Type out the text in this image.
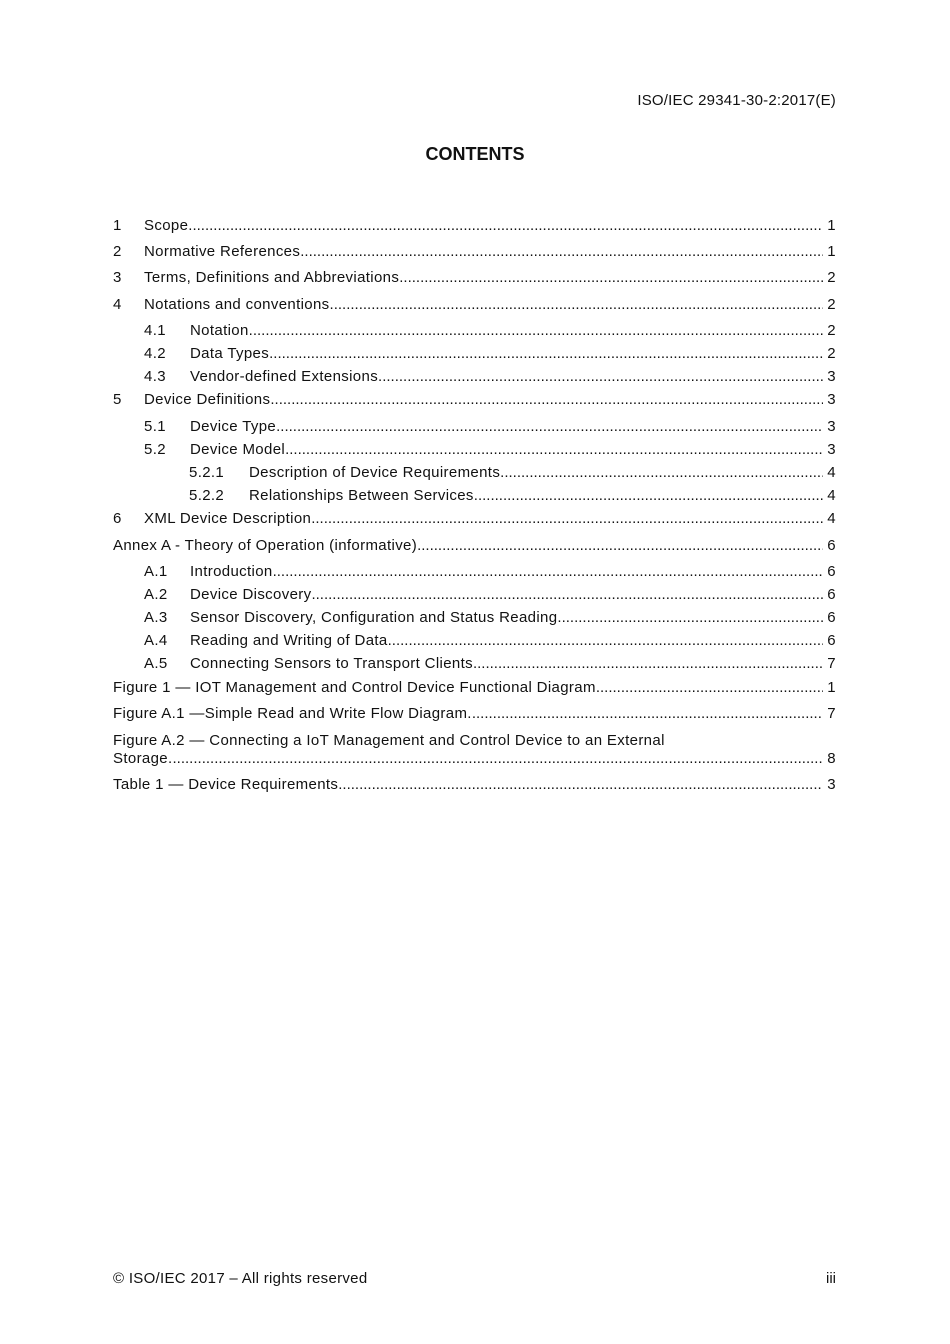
ISO/IEC 29341-30-2:2017(E)
CONTENTS
1 Scope .....	1
2 Normative References .....	1
3 Terms, Definitions and Abbreviations .....	2
4 Notations and conventions .....	2
4.1 Notation .....	2
4.2 Data Types .....	2
4.3 Vendor-defined Extensions .....	3
5 Device Definitions .....	3
5.1 Device Type .....	3
5.2 Device Model .....	3
5.2.1 Description of Device Requirements .....	4
5.2.2 Relationships Between Services .....	4
6 XML Device Description .....	4
Annex A - Theory of Operation (informative) .....	6
A.1 Introduction .....	6
A.2 Device Discovery .....	6
A.3 Sensor Discovery, Configuration and Status Reading .....	6
A.4 Reading and Writing of Data .....	6
A.5 Connecting Sensors to Transport Clients .....	7
Figure 1 — IOT Management and Control Device Functional Diagram .....	1
Figure A.1 —Simple Read and Write Flow Diagram. .....	7
Figure A.2 — Connecting a IoT Management and Control Device to an External
Storage. .....	8
Table 1 — Device Requirements .....	3
© ISO/IEC 2017 – All rights reserved	iii
